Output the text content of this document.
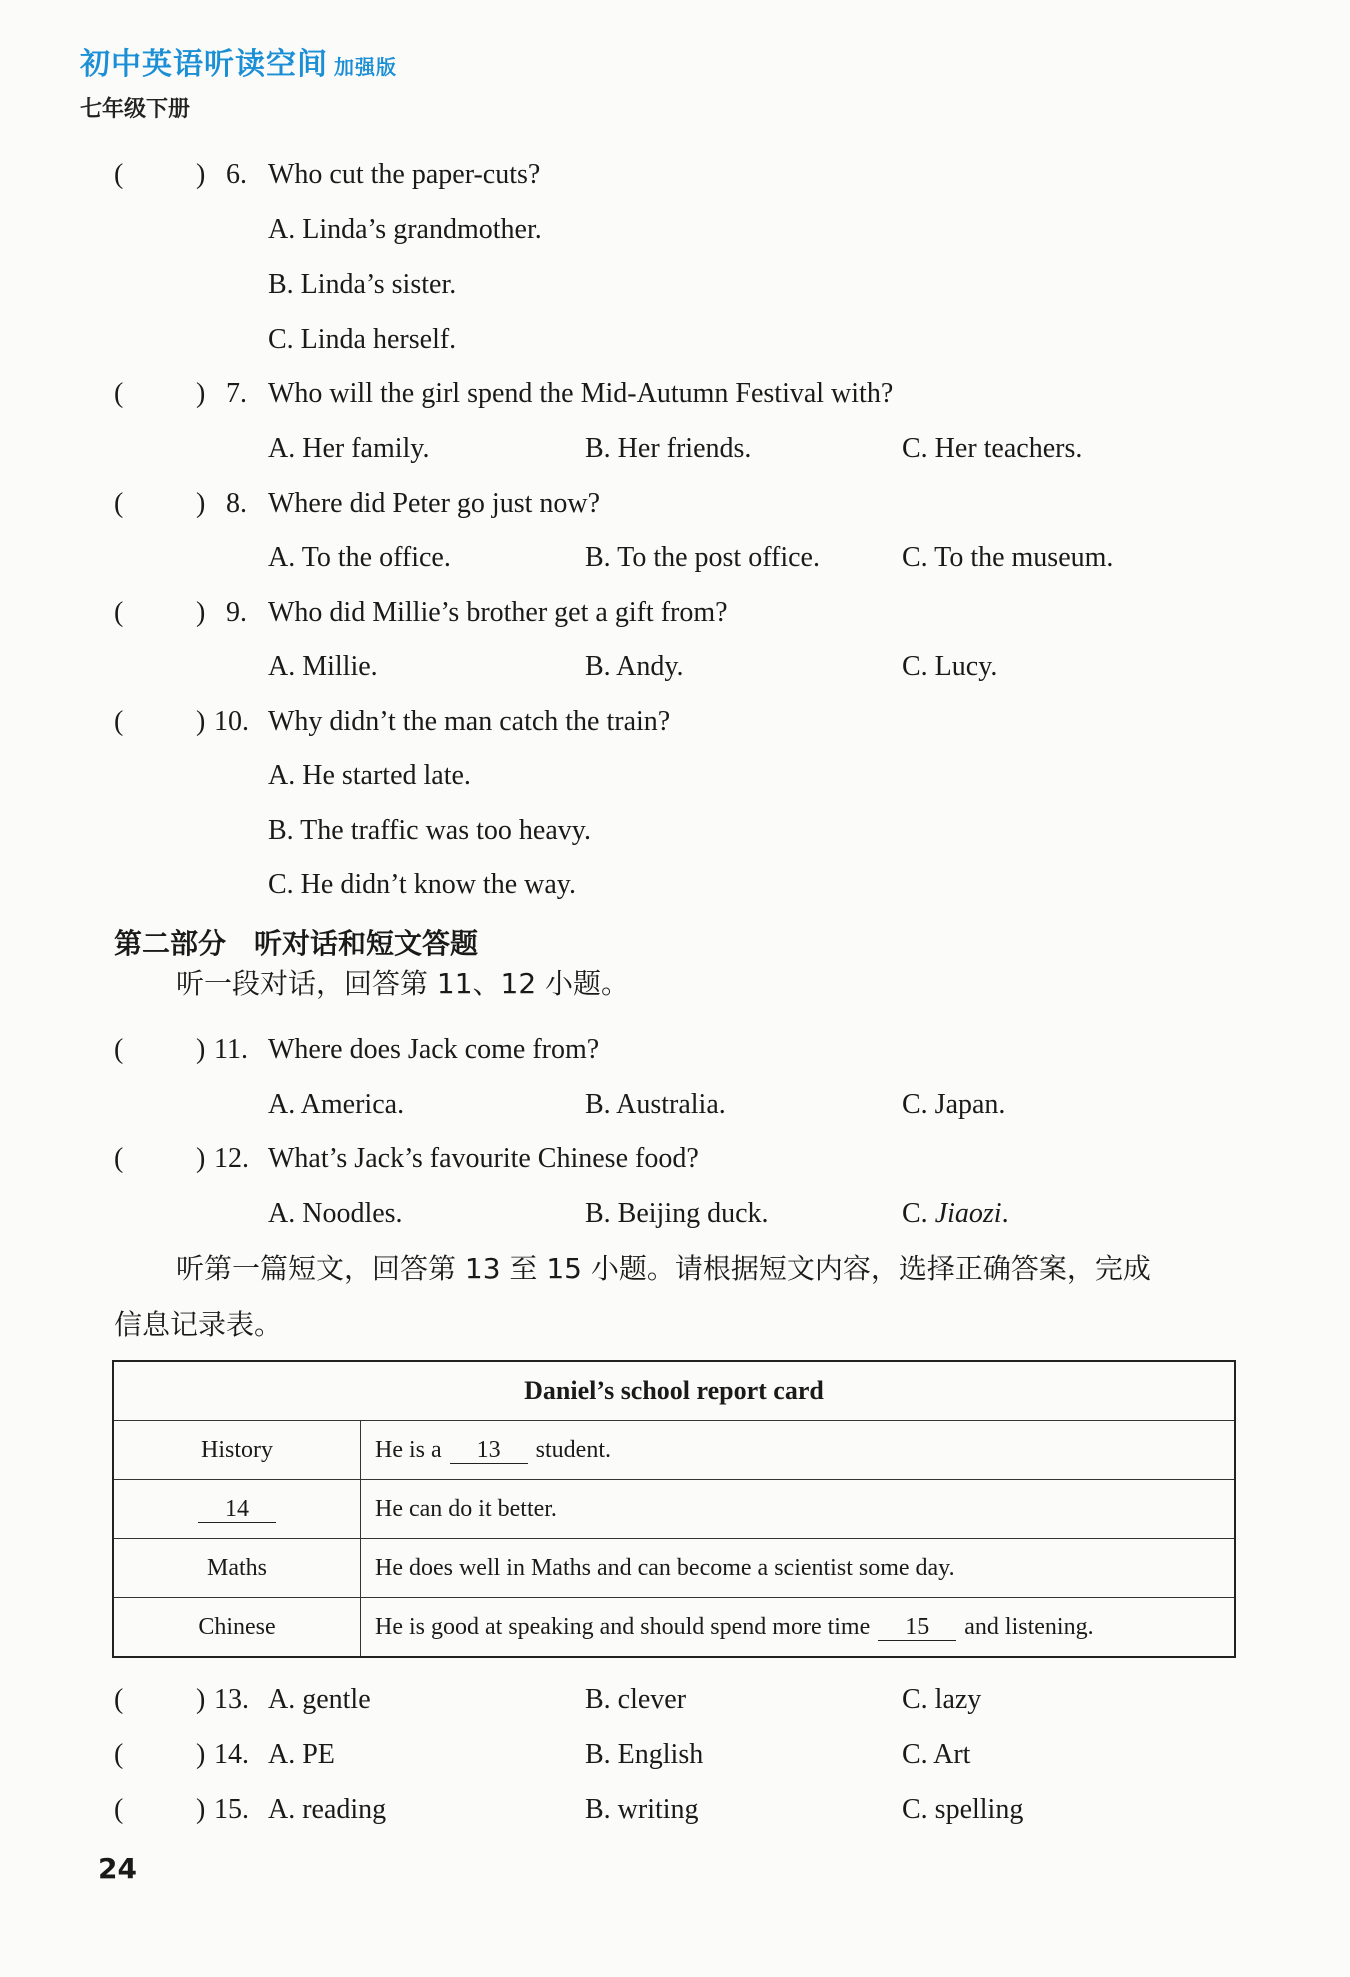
初中英语听读空间 加强版
七年级下册
(	) 6. Who cut the paper-cuts?
A. Linda’s grandmother.
B. Linda’s sister.
C. Linda herself.
(	) 7. Who will the girl spend the Mid-Autumn Festival with?
A. Her family.	B. Her friends.	C. Her teachers.
(	) 8. Where did Peter go just now?
A. To the office.	B. To the post office.	C. To the museum.
(	) 9. Who did Millie’s brother get a gift from?
A. Millie.	B. Andy.	C. Lucy.
(	) 10. Why didn’t the man catch the train?
A. He started late.
B. The traffic was too heavy.
C. He didn’t know the way.
第二部分　听对话和短文答题
听一段对话，回答第 11、12 小题。
(	) 11. Where does Jack come from?
A. America.	B. Australia.	C. Japan.
(	) 12. What’s Jack’s favourite Chinese food?
A. Noodles.	B. Beijing duck.	C. Jiaozi.
听第一篇短文，回答第 13 至 15 小题。请根据短文内容，选择正确答案，完成
信息记录表。
Daniel’s school report card	
History	He is a 13 student.
14	He can do it better.
Maths	He does well in Maths and can become a scientist some day.
Chinese	He is good at speaking and should spend more time 15 and listening.
(	) 13. A. gentle	B. clever	C. lazy
(	) 14. A. PE	B. English	C. Art
(	) 15. A. reading	B. writing	C. spelling
24
